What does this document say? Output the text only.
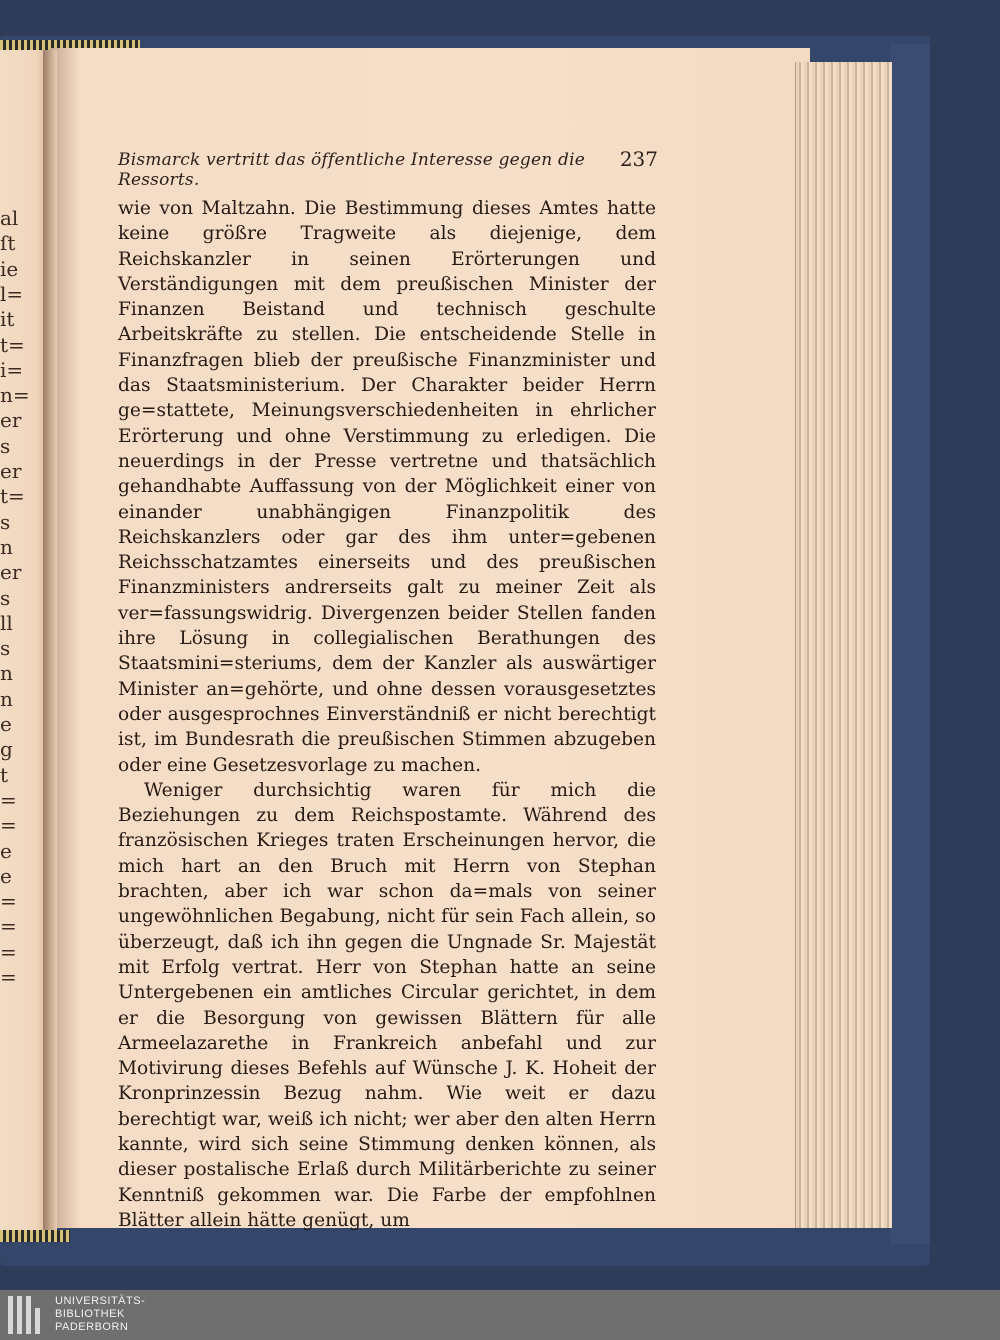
al
ſt
ie
l=
it
t=
i=
n=
er
s
er
t=
s
n
er
s
ll
s
n
n
e
g
t
=
=
e
e
=
=
=
=
Bismarck vertritt das öffentliche Interesse gegen die Ressorts.
237

wie von Maltzahn. Die Bestimmung dieses Amtes hatte keine größre Tragweite als diejenige, dem Reichskanzler in seinen Erörterungen und Verständigungen mit dem preußischen Minister der Finanzen Beistand und technisch geschulte Arbeitskräfte zu stellen. Die entscheidende Stelle in Finanzfragen blieb der preußische Finanzminister und das Staatsministerium. Der Charakter beider Herrn ge=stattete, Meinungsverschiedenheiten in ehrlicher Erörterung und ohne Verstimmung zu erledigen. Die neuerdings in der Presse vertretne und thatsächlich gehandhabte Auffassung von der Möglichkeit einer von einander unabhängigen Finanzpolitik des Reichskanzlers oder gar des ihm unter=gebenen Reichsschatzamtes einerseits und des preußischen Finanzministers andrerseits galt zu meiner Zeit als ver=fassungswidrig. Divergenzen beider Stellen fanden ihre Lösung in collegialischen Berathungen des Staatsmini=steriums, dem der Kanzler als auswärtiger Minister an=gehörte, und ohne dessen vorausgesetztes oder ausgesprochnes Einverständniß er nicht berechtigt ist, im Bundesrath die preußischen Stimmen abzugeben oder eine Gesetzesvorlage zu machen.

Weniger durchsichtig waren für mich die Beziehungen zu dem Reichspostamte. Während des französischen Krieges traten Erscheinungen hervor, die mich hart an den Bruch mit Herrn von Stephan brachten, aber ich war schon da=mals von seiner ungewöhnlichen Begabung, nicht für sein Fach allein, so überzeugt, daß ich ihn gegen die Ungnade Sr. Majestät mit Erfolg vertrat. Herr von Stephan hatte an seine Untergebenen ein amtliches Circular gerichtet, in dem er die Besorgung von gewissen Blättern für alle Armeelazarethe in Frankreich anbefahl und zur Motivirung dieses Befehls auf Wünsche J. K. Hoheit der Kronprinzessin Bezug nahm. Wie weit er dazu berechtigt war, weiß ich nicht; wer aber den alten Herrn kannte, wird sich seine Stimmung denken können, als dieser postalische Erlaß durch Militärberichte zu seiner Kenntniß gekommen war. Die Farbe der empfohlnen Blätter allein hätte genügt, um

UNIVERSITÄTS-
BIBLIOTHEK
PADERBORN
